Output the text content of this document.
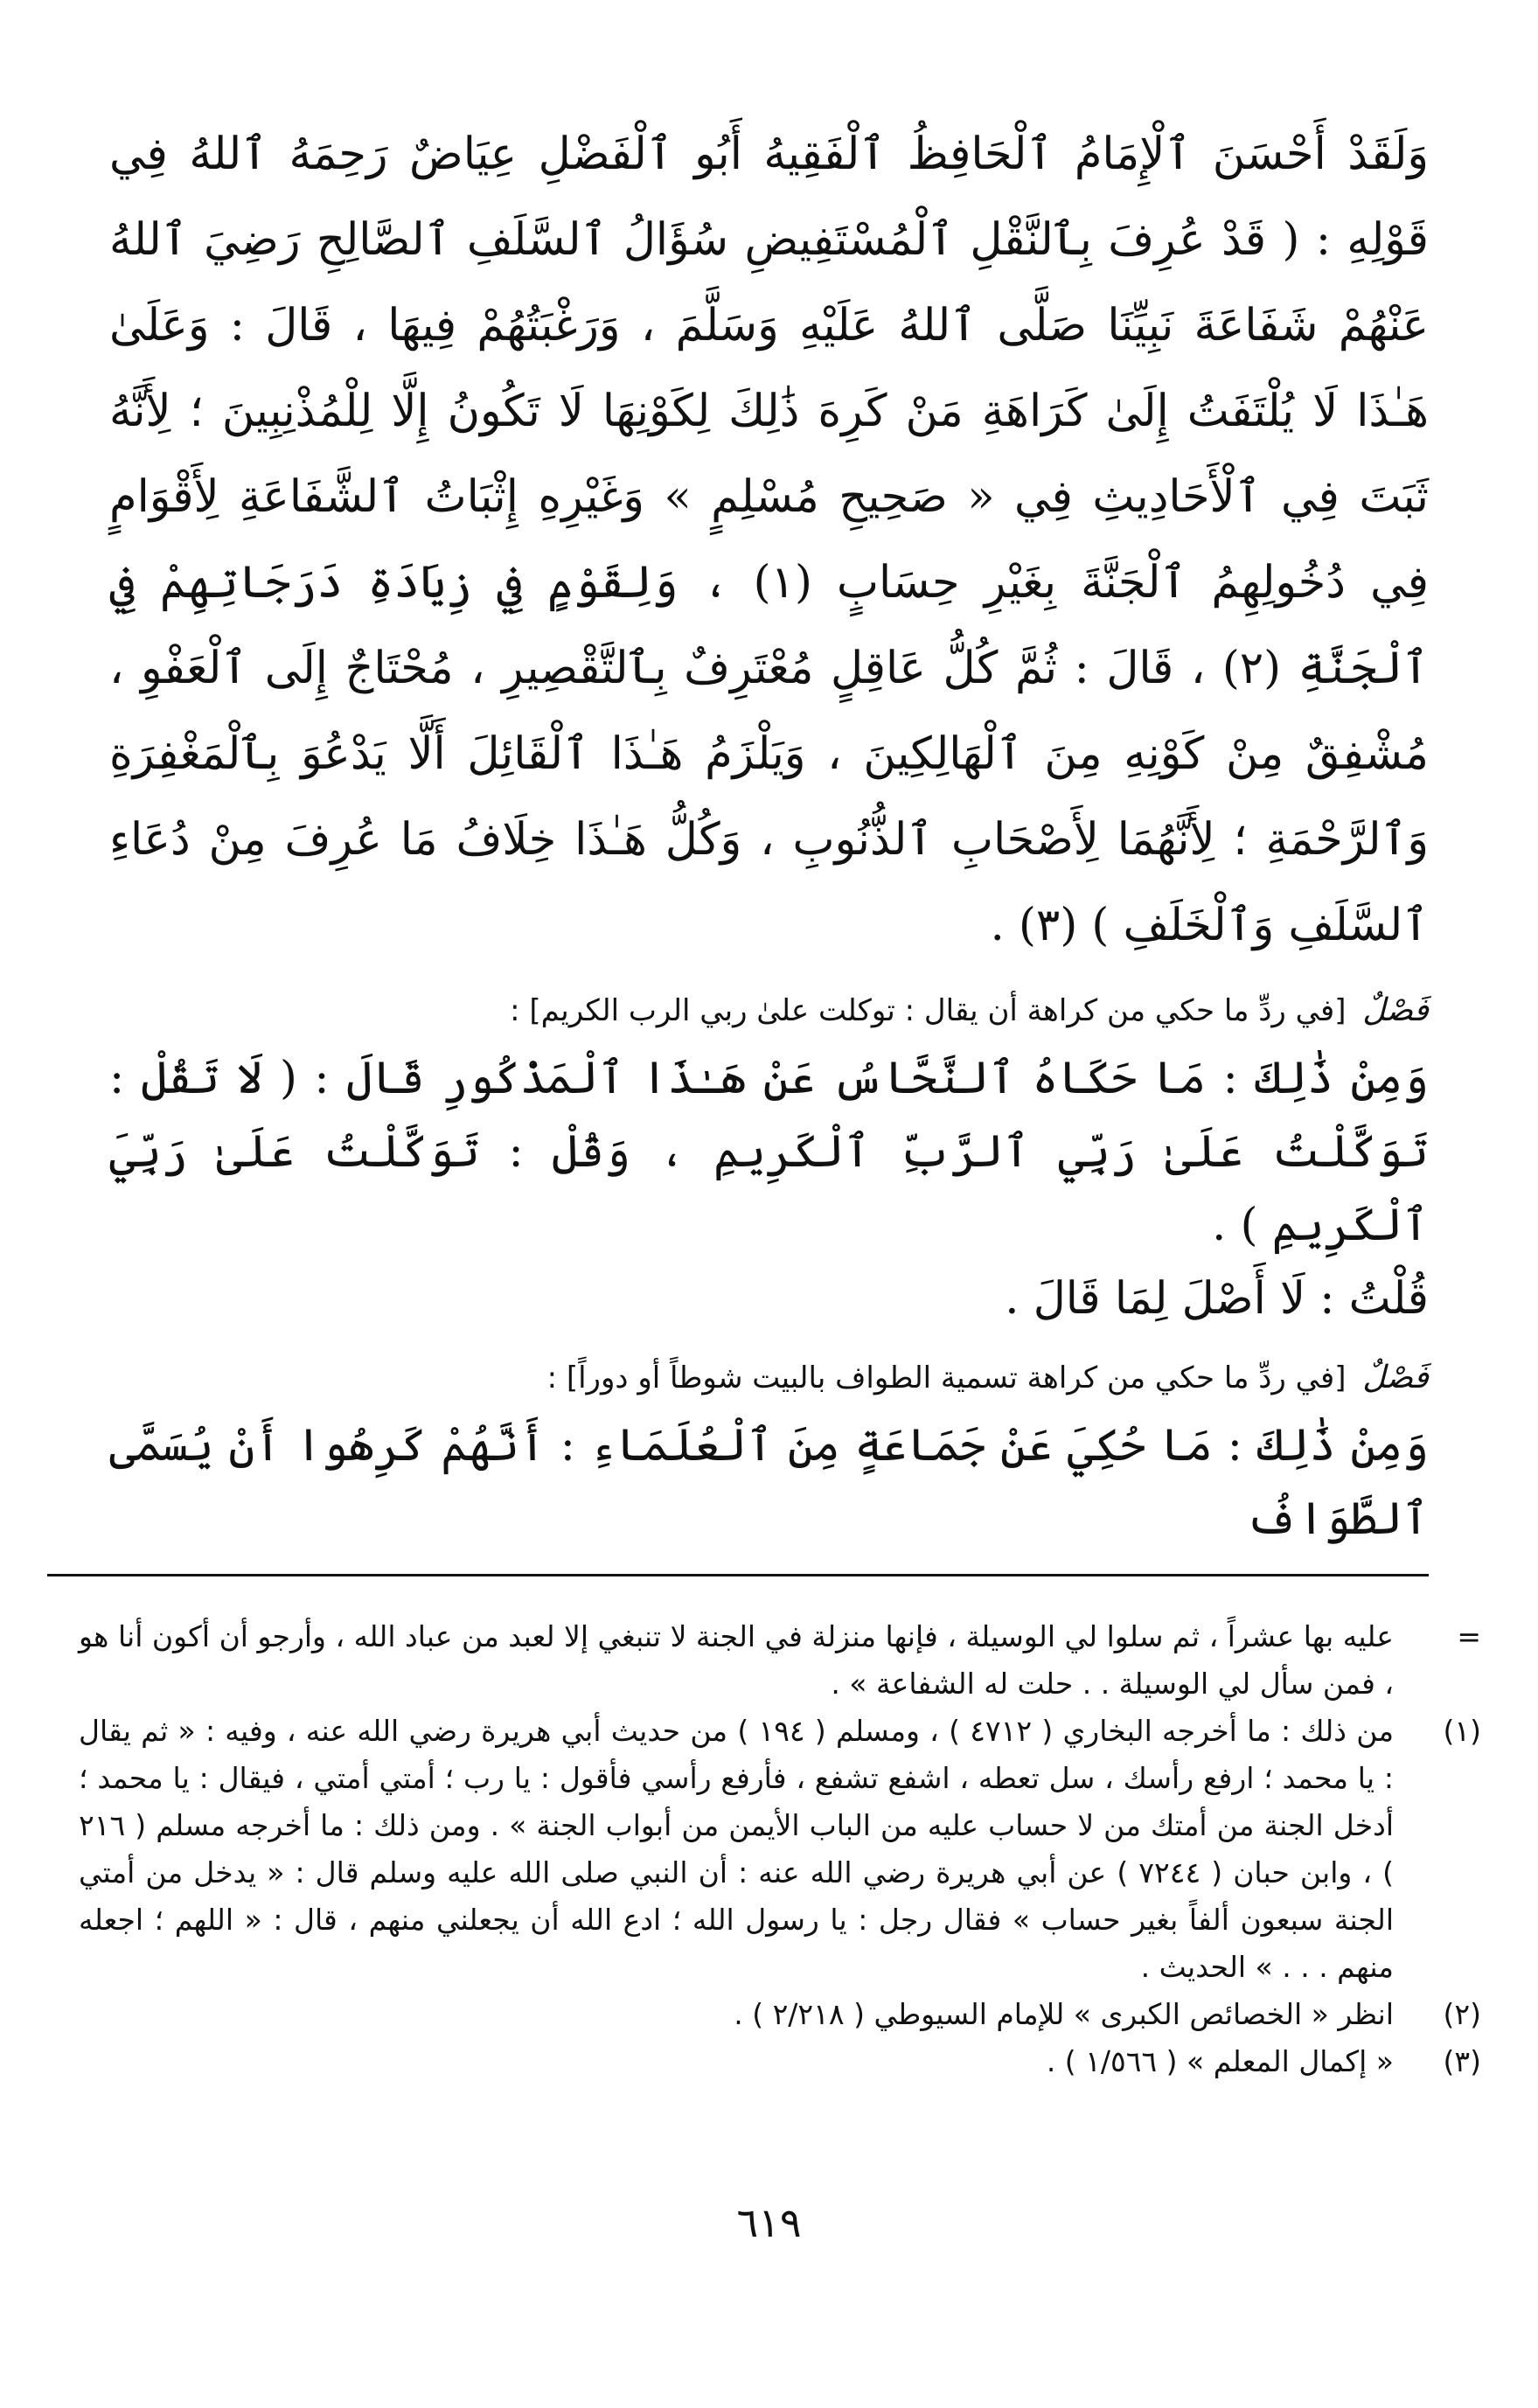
وَلَقَدْ أَحْسَنَ ٱلْإِمَامُ ٱلْحَافِظُ ٱلْفَقِيهُ أَبُو ٱلْفَضْلِ عِيَاضٌ رَحِمَهُ ٱللهُ فِي قَوْلِهِ : ( قَدْ عُرِفَ بِٱلنَّقْلِ ٱلْمُسْتَفِيضِ سُؤَالُ ٱلسَّلَفِ ٱلصَّالِحِ رَضِيَ ٱللهُ عَنْهُمْ شَفَاعَةَ نَبِيِّنَا صَلَّى ٱللهُ عَلَيْهِ وَسَلَّمَ ، وَرَغْبَتُهُمْ فِيهَا ، قَالَ : وَعَلَىٰ هَـٰذَا لَا يُلْتَفَتُ إِلَىٰ كَرَاهَةِ مَنْ كَرِهَ ذَٰلِكَ لِكَوْنِهَا لَا تَكُونُ إِلَّا لِلْمُذْنِبِينَ ؛ لِأَنَّهُ ثَبَتَ فِي ٱلْأَحَادِيثِ فِي « صَحِيحِ مُسْلِمٍ » وَغَيْرِهِ إِثْبَاتُ ٱلشَّفَاعَةِ لِأَقْوَامٍ فِي دُخُولِهِمُ ٱلْجَنَّةَ بِغَيْرِ حِسَابٍ (١) ، وَلِقَوْمٍ فِي زِيَادَةِ دَرَجَاتِهِمْ فِي ٱلْجَنَّةِ (٢) ، قَالَ : ثُمَّ كُلُّ عَاقِلٍ مُعْتَرِفٌ بِٱلتَّقْصِيرِ ، مُحْتَاجٌ إِلَى ٱلْعَفْوِ ، مُشْفِقٌ مِنْ كَوْنِهِ مِنَ ٱلْهَالِكِينَ ، وَيَلْزَمُ هَـٰذَا ٱلْقَائِلَ أَلَّا يَدْعُوَ بِٱلْمَغْفِرَةِ وَٱلرَّحْمَةِ ؛ لِأَنَّهُمَا لِأَصْحَابِ ٱلذُّنُوبِ ، وَكُلُّ هَـٰذَا خِلَافُ مَا عُرِفَ مِنْ دُعَاءِ ٱلسَّلَفِ وَٱلْخَلَفِ ) (٣) .

فَصْلٌ [في ردِّ ما حكي من كراهة أن يقال : توكلت علىٰ ربي الرب الكريم] :

وَمِنْ ذَٰلِكَ : مَا حَكَاهُ ٱلنَّحَّاسُ عَنْ هَـٰذَا ٱلْمَذْكُورِ قَالَ : ( لَا تَقُلْ : تَوَكَّلْتُ عَلَىٰ رَبِّي ٱلرَّبِّ ٱلْكَرِيمِ ، وَقُلْ : تَوَكَّلْتُ عَلَىٰ رَبِّيَ ٱلْكَرِيمِ ) .

قُلْتُ : لَا أَصْلَ لِمَا قَالَ .

فَصْلٌ [في ردِّ ما حكي من كراهة تسمية الطواف بالبيت شوطاً أو دوراً] :

وَمِنْ ذَٰلِكَ : مَا حُكِيَ عَنْ جَمَاعَةٍ مِنَ ٱلْعُلَمَاءِ : أَنَّهُمْ كَرِهُوا أَنْ يُسَمَّى ٱلطَّوَافُ

=
عليه بها عشراً ، ثم سلوا لي الوسيلة ، فإنها منزلة في الجنة لا تنبغي إلا لعبد من عباد الله ، وأرجو أن أكون أنا هو ، فمن سأل لي الوسيلة . . حلت له الشفاعة » .
(١)
من ذلك : ما أخرجه البخاري ( ٤٧١٢ ) ، ومسلم ( ١٩٤ ) من حديث أبي هريرة رضي الله عنه ، وفيه : « ثم يقال : يا محمد ؛ ارفع رأسك ، سل تعطه ، اشفع تشفع ، فأرفع رأسي فأقول : يا رب ؛ أمتي أمتي ، فيقال : يا محمد ؛ أدخل الجنة من أمتك من لا حساب عليه من الباب الأيمن من أبواب الجنة » . ومن ذلك : ما أخرجه مسلم ( ٢١٦ ) ، وابن حبان ( ٧٢٤٤ ) عن أبي هريرة رضي الله عنه : أن النبي صلى الله عليه وسلم قال : « يدخل من أمتي الجنة سبعون ألفاً بغير حساب » فقال رجل : يا رسول الله ؛ ادع الله أن يجعلني منهم ، قال : « اللهم ؛ اجعله منهم . . . » الحديث .
(٢)
انظر « الخصائص الكبرى » للإمام السيوطي ( ٢/٢١٨ ) .
(٣)
« إكمال المعلم » ( ١/٥٦٦ ) .
٦١٩
